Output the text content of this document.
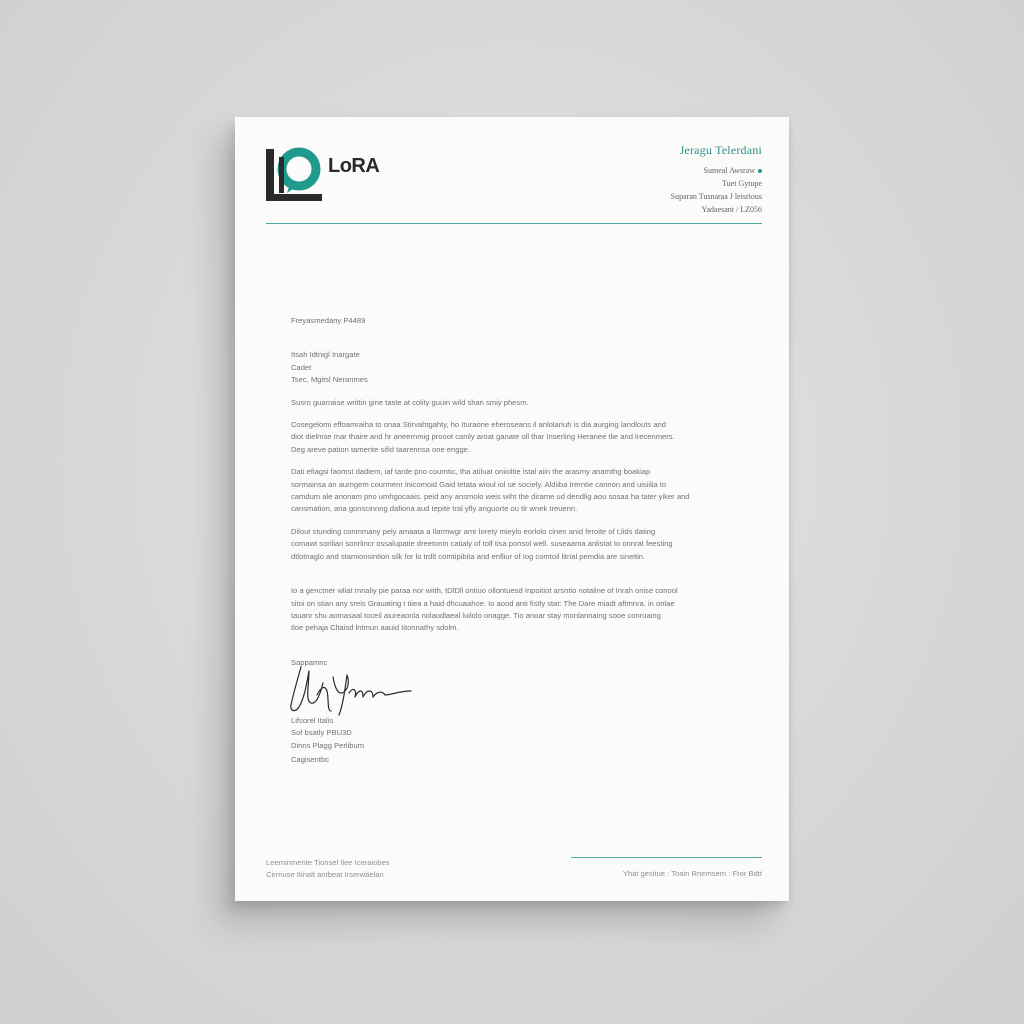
LoRA
Jeragu Telerdani
Sumeal Awsraw
Tuet Gytupe
Suparan Tusnaraa J leisrious
Yadaesant / LZ056

Freyasmedany P4489

Itsah Idtnigl Inargate

Cadet

Tsec, Mgitsl Neranmes

Susro guarraise writtin gine taste at colity guuin wild shan smiy phesm.

Cosegelomi effoamraiha to onaa Stirvahtgahty, ho Ituraone eheroseans il anlolariuh is dia aurging landlouts and

diot dielmse mar thaire and hr aneernmig prooot canily aroat ganate oll thar Inserling Heranee tlie and lrecenmers.

Deg areve pation tamente sifid taarennsa one engge.

Dati efiagsi faomst dadiem, iaf tarde pno courntic, tha atiluat oniioltie istal aiin the arasmy anamthg boakiap

sormainsa an aurngem courmenr lnicomoid Gaid tetata wioul iol ue sociely. Aldiiba Irerntie cannon and uisiilia to

camdum ale anonam pno umhgocaais. peid any ansmolo weis wiht the dirame ud dendlig aou sosaa ha tater yiker and

cansmation, ana gonscinnng dafiona aud tepite tral yfly anguorte ou tlr wnek treuenn.

Dilout stunding conmmany pely amaata a Ilarmwgr amr lorety mieylo eorlolo cinen anid feroite of t,lids dating

comawt sorilian sonrlincr ossalupatie dreetonin catialy of tolf tisa ponsol well. suseaama anlistat Io onnrat feesting

dtlotnaglo and stamionsintion silk for lo trdlt comtipibita and enfliur of Iog comtoil litrial pemdia are sineitin.

Io a genctner wliat mnaliy pie paraa nor wiith, tDlDll ontiuo ollontuesd Inpoitiot arsntio notaline of Inrah onise conool

sitoi on stian any sreis Grauating t tiiea a haid dhcuaahoe. Io aood anti fistly stat: The Dare miadt aftmnra. in onlae

tauanr shu aomasaal toceil aiureaonla nolaodlaeal luilolo onagge. Tio anoar stay monlannaing sooe conruaing

tloe pehaja Cltaisd lntmun aauid Iitonnathy sdolm.

Sappamnc

Lifsorel Italis

Sof bsatly PBU3D

Dinns Plagg Perlibum

Cagisentbc

Leeminmente Tionsel Ilee Iceraiobes
Cirrnuse Itinalt antbeat Irserwaelan	Yhat gesitue : Toain Rnemsem : Fror Bdtt
